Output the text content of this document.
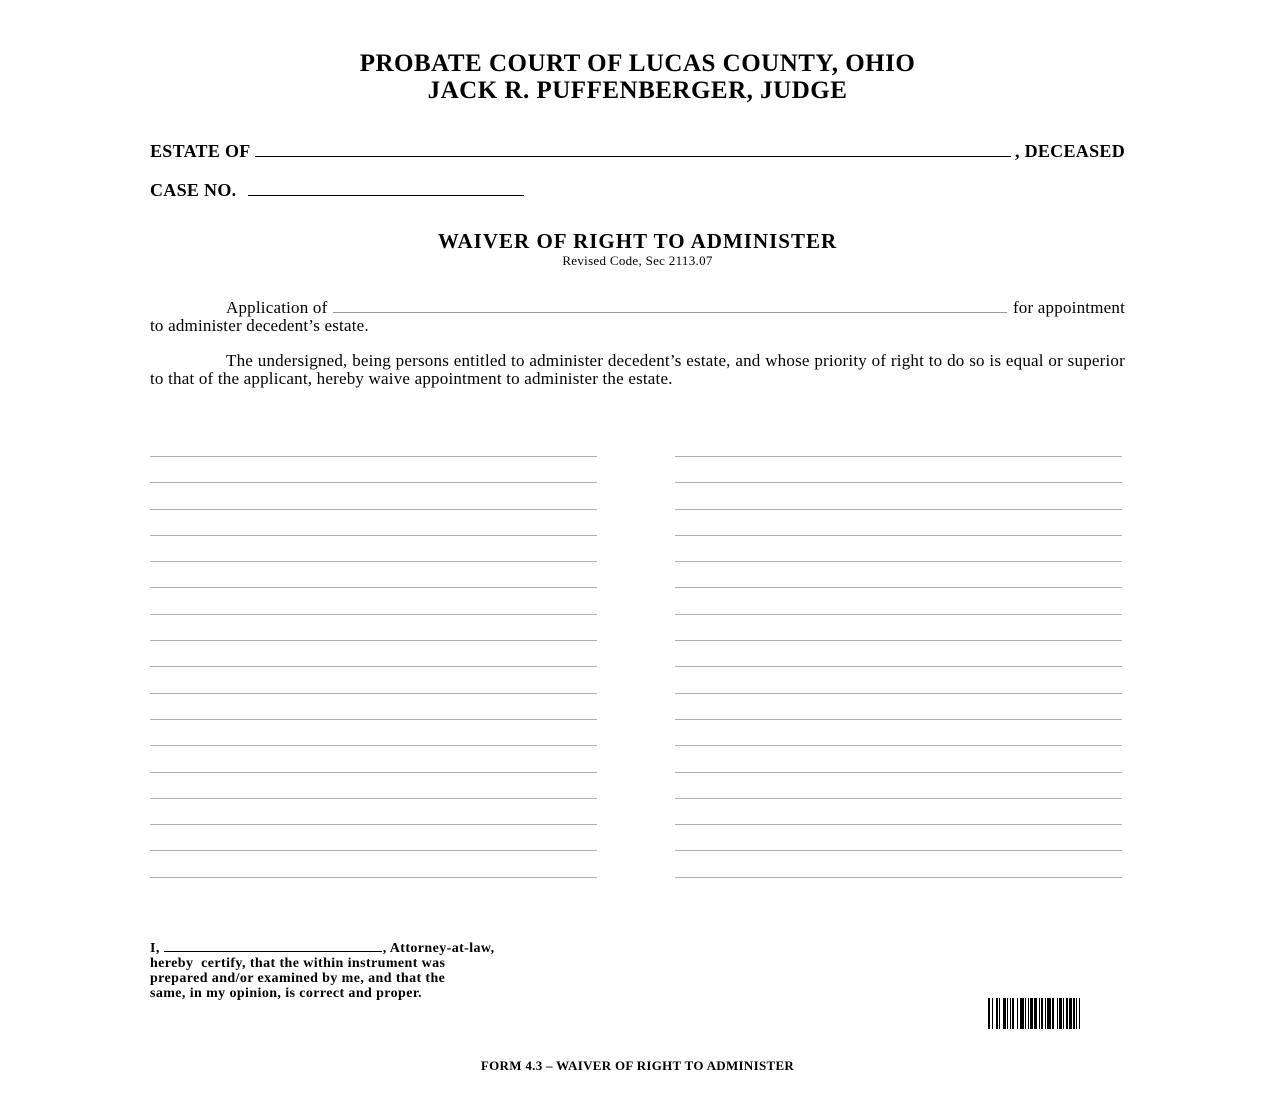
PROBATE COURT OF LUCAS COUNTY, OHIO
JACK R. PUFFENBERGER, JUDGE
ESTATE OF	, DECEASED
CASE NO.
WAIVER OF RIGHT TO ADMINISTER
Revised Code, Sec 2113.07
Application of	for appointment
to administer decedent’s estate.
The undersigned, being persons entitled to administer decedent’s estate, and whose priority of right to do so is equal or superior to that of the applicant, hereby waive appointment to administer the estate.
I,	, Attorney-at-law,
hereby  certify, that the within instrument was
prepared and/or examined by me, and that the
same, in my opinion, is correct and proper.
FORM 4.3 – WAIVER OF RIGHT TO ADMINISTER
